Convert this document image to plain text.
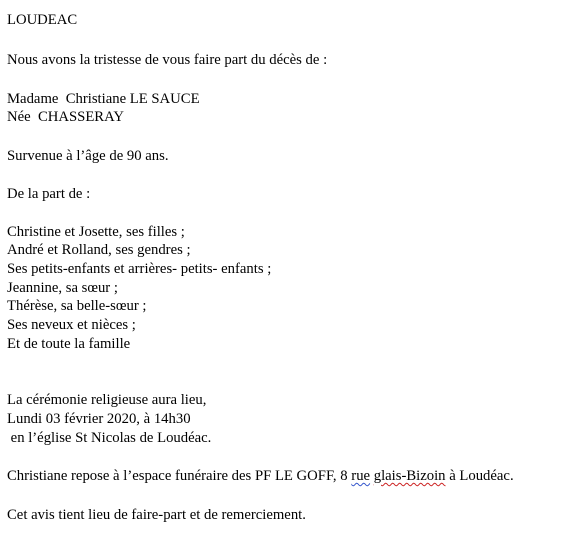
LOUDEAC
Nous avons la tristesse de vous faire part du décès de :
Madame  Christiane LE SAUCE
Née  CHASSERAY
Survenue à l’âge de 90 ans.
De la part de :
Christine et Josette, ses filles ;
André et Rolland, ses gendres ;
Ses petits-enfants et arrières- petits- enfants ;
Jeannine, sa sœur ;
Thérèse, sa belle-sœur ;
Ses neveux et nièces ;
Et de toute la famille
La cérémonie religieuse aura lieu,
Lundi 03 février 2020, à 14h30
en l’église St Nicolas de Loudéac.
Christiane repose à l’espace funéraire des PF LE GOFF, 8 rue glais-Bizoin à Loudéac.
Cet avis tient lieu de faire-part et de remerciement.
